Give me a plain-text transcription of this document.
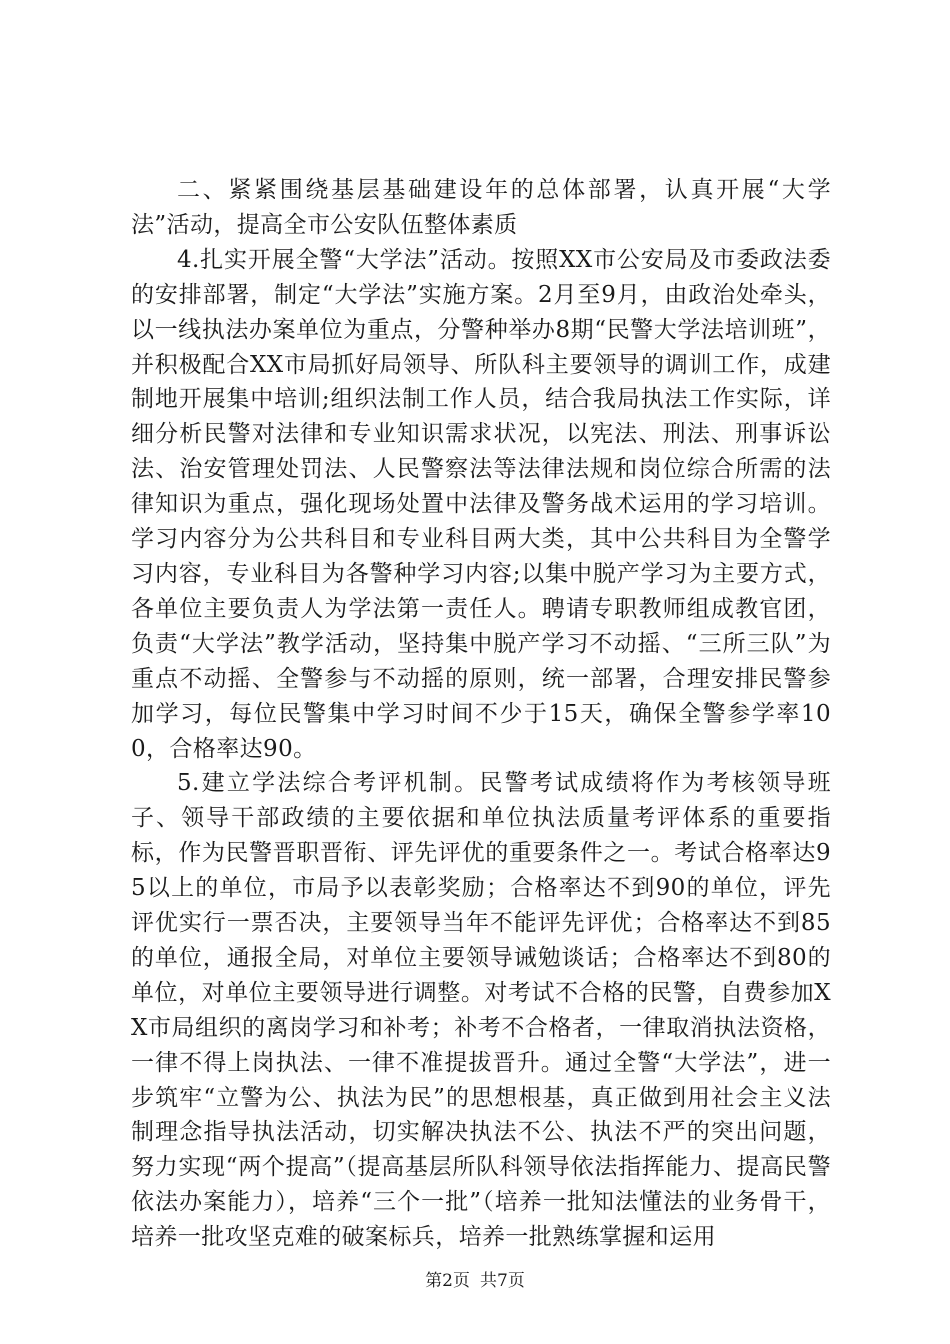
二、紧紧围绕基层基础建设年的总体部署，认真开展“大学法”活动，提高全市公安队伍整体素质

4.扎实开展全警“大学法”活动。按照XX市公安局及市委政法委的安排部署，制定“大学法”实施方案。2月至9月，由政治处牵头，以一线执法办案单位为重点，分警种举办8期“民警大学法培训班”，并积极配合XX市局抓好局领导、所队科主要领导的调训工作，成建制地开展集中培训;组织法制工作人员，结合我局执法工作实际，详细分析民警对法律和专业知识需求状况，以宪法、刑法、刑事诉讼法、治安管理处罚法、人民警察法等法律法规和岗位综合所需的法律知识为重点，强化现场处置中法律及警务战术运用的学习培训。学习内容分为公共科目和专业科目两大类，其中公共科目为全警学习内容，专业科目为各警种学习内容;以集中脱产学习为主要方式，各单位主要负责人为学法第一责任人。聘请专职教师组成教官团，负责“大学法”教学活动，坚持集中脱产学习不动摇、“三所三队”为重点不动摇、全警参与不动摇的原则，统一部署，合理安排民警参加学习，每位民警集中学习时间不少于15天，确保全警参学率100，合格率达90。

5.建立学法综合考评机制。民警考试成绩将作为考核领导班子、领导干部政绩的主要依据和单位执法质量考评体系的重要指标，作为民警晋职晋衔、评先评优的重要条件之一。考试合格率达95以上的单位，市局予以表彰奖励；合格率达不到90的单位，评先评优实行一票否决，主要领导当年不能评先评优；合格率达不到85的单位，通报全局，对单位主要领导诫勉谈话；合格率达不到80的单位，对单位主要领导进行调整。对考试不合格的民警，自费参加XX市局组织的离岗学习和补考；补考不合格者，一律取消执法资格，一律不得上岗执法、一律不准提拔晋升。通过全警“大学法”，进一步筑牢“立警为公、执法为民”的思想根基，真正做到用社会主义法制理念指导执法活动，切实解决执法不公、执法不严的突出问题，努力实现“两个提高”（提高基层所队科领导依法指挥能力、提高民警依法办案能力），培养“三个一批”（培养一批知法懂法的业务骨干，培养一批攻坚克难的破案标兵，培养一批熟练掌握和运用

第2页 共7页
